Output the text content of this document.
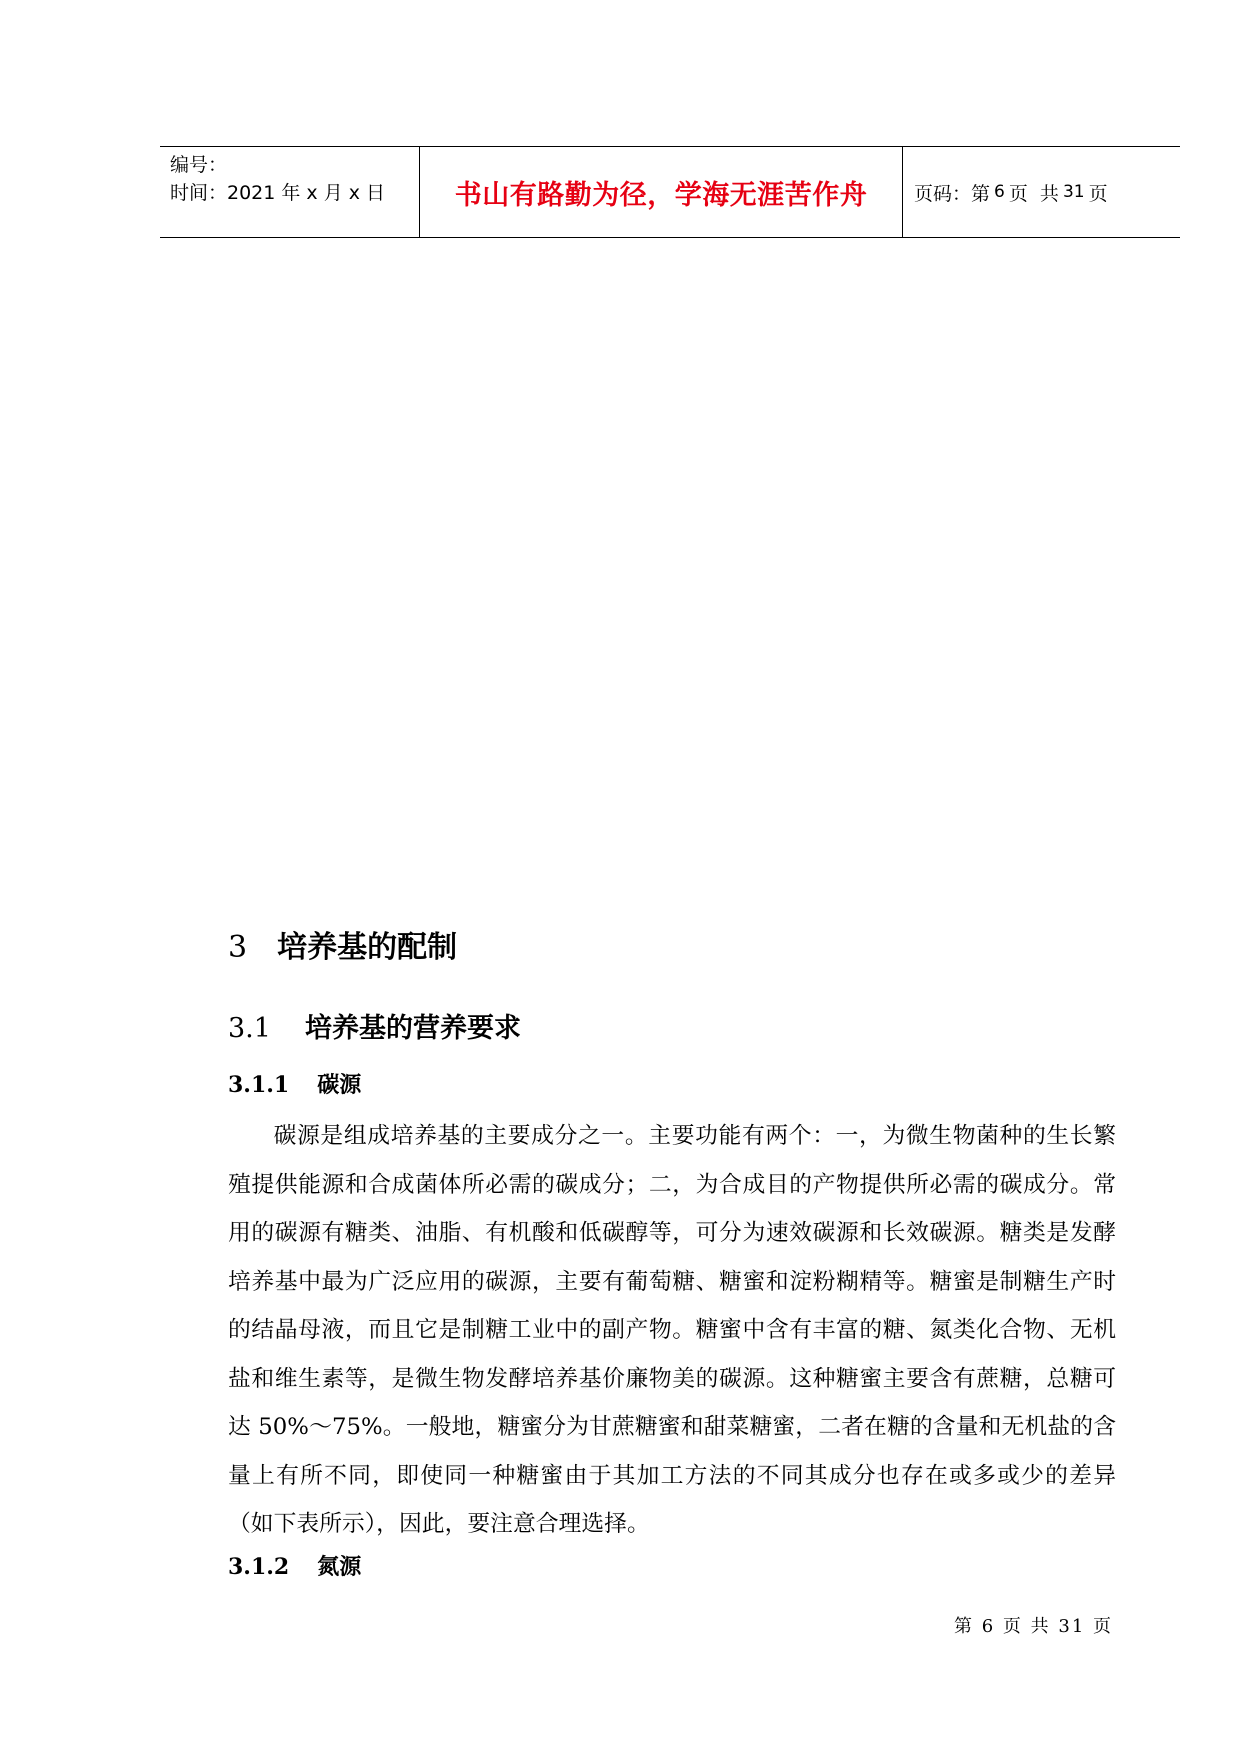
编号：
时间：2021 年 x 月 x 日	书山有路勤为径，学海无涯苦作舟	页码：第 6 页  共 31 页
3 培养基的配制
3.1 培养基的营养要求
3.1.1 碳源

碳源是组成培养基的主要成分之一。主要功能有两个：一，为微生物菌种的生长繁殖提供能源和合成菌体所必需的碳成分；二，为合成目的产物提供所必需的碳成分。常用的碳源有糖类、油脂、有机酸和低碳醇等，可分为速效碳源和长效碳源。糖类是发酵培养基中最为广泛应用的碳源，主要有葡萄糖、糖蜜和淀粉糊精等。糖蜜是制糖生产时的结晶母液，而且它是制糖工业中的副产物。糖蜜中含有丰富的糖、氮类化合物、无机盐和维生素等，是微生物发酵培养基价廉物美的碳源。这种糖蜜主要含有蔗糖，总糖可达 50%～75%。一般地，糖蜜分为甘蔗糖蜜和甜菜糖蜜，二者在糖的含量和无机盐的含量上有所不同，即使同一种糖蜜由于其加工方法的不同其成分也存在或多或少的差异（如下表所示），因此，要注意合理选择。

3.1.2 氮源
第 6 页 共 31 页
